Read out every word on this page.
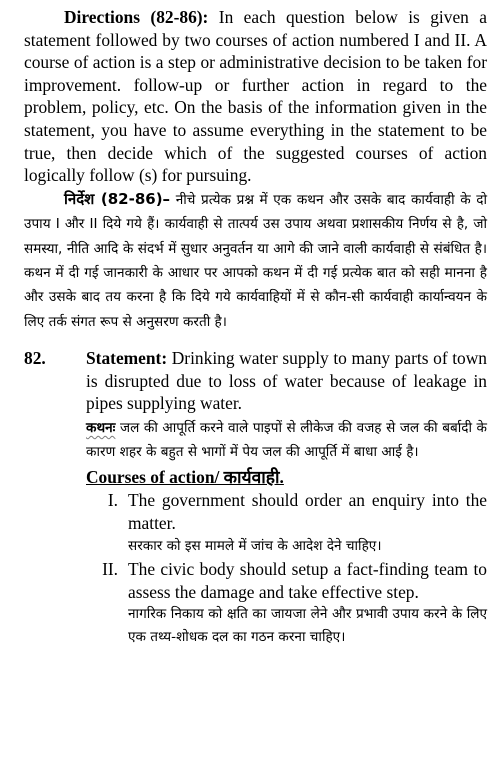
Directions (82-86): In each question below is given a statement followed by two courses of action numbered I and II. A course of action is a step or administrative decision to be taken for improvement. follow-up or further action in regard to the problem, policy, etc. On the basis of the information given in the statement, you have to assume everything in the statement to be true, then decide which of the suggested courses of action logically follow (s) for pursuing.

निर्देश (82-86)– नीचे प्रत्येक प्रश्न में एक कथन और उसके बाद कार्यवाही के दो उपाय I और II दिये गये हैं। कार्यवाही से तात्पर्य उस उपाय अथवा प्रशासकीय निर्णय से है, जो समस्या, नीति आदि के संदर्भ में सुधार अनुवर्तन या आगे की जाने वाली कार्यवाही से संबंधित है। कथन में दी गई जानकारी के आधार पर आपको कथन में दी गई प्रत्येक बात को सही मानना है और उसके बाद तय करना है कि दिये गये कार्यवाहियों में से कौन-सी कार्यवाही कार्यान्वयन के लिए तर्क संगत रूप से अनुसरण करती है।

82.	Statement: Drinking water supply to many parts of town is disrupted due to loss of water because of leakage in pipes supplying water.

कथनः जल की आपूर्ति करने वाले पाइपों से लीकेज की वजह से जल की बर्बादी के कारण शहर के बहुत से भागों में पेय जल की आपूर्ति में बाधा आई है।

Courses of action/ कार्यवाही.
I. The government should order an enquiry into the matter.

सरकार को इस मामले में जांच के आदेश देने चाहिए।

II. The civic body should setup a fact-finding team to assess the damage and take effective step.

नागरिक निकाय को क्षति का जायजा लेने और प्रभावी उपाय करने के लिए एक तथ्य-शोधक दल का गठन करना चाहिए।
